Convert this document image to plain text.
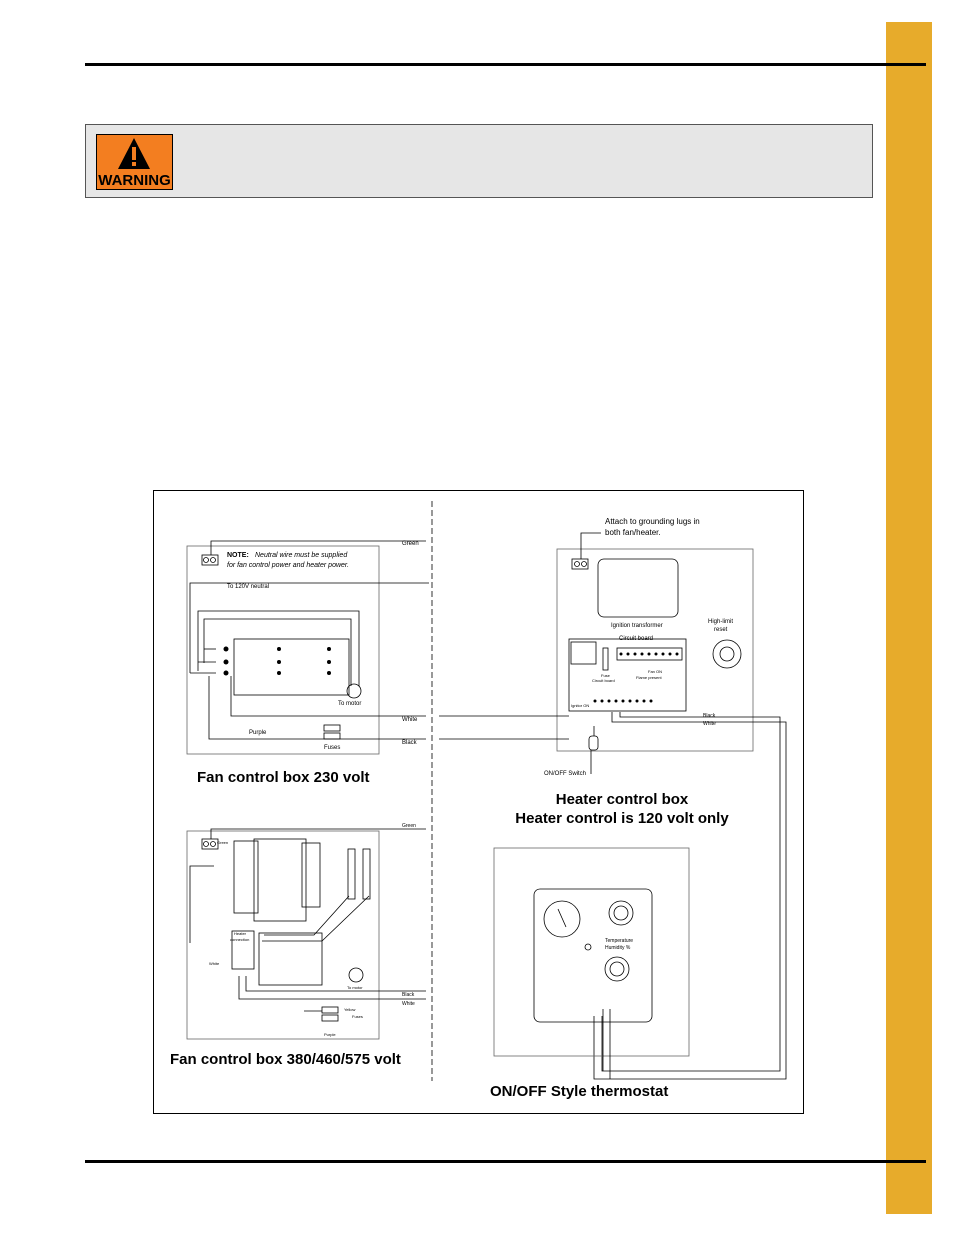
WARNING
NOTE: Neutral wire must be supplied
for fan control power and heater power.
To 120V neutral
To motor
Green
White
Black
Purple
Fuses
Attach to grounding lugs in
both fan/heater.
Ignition transformer
High-limit
reset
Circuit board
Fuse
Fan ON
Flame present
Circuit board
Ignitor ON
Black
White
ON/OFF Switch
Green
Heater
connection
White
To motor
Green
Black
White
Yellow
Fuses
Purple
Temperature
Humidity %
Fan control box 230 volt
Heater control box
Heater control is 120 volt only
Fan control box 380/460/575 volt
ON/OFF Style thermostat
